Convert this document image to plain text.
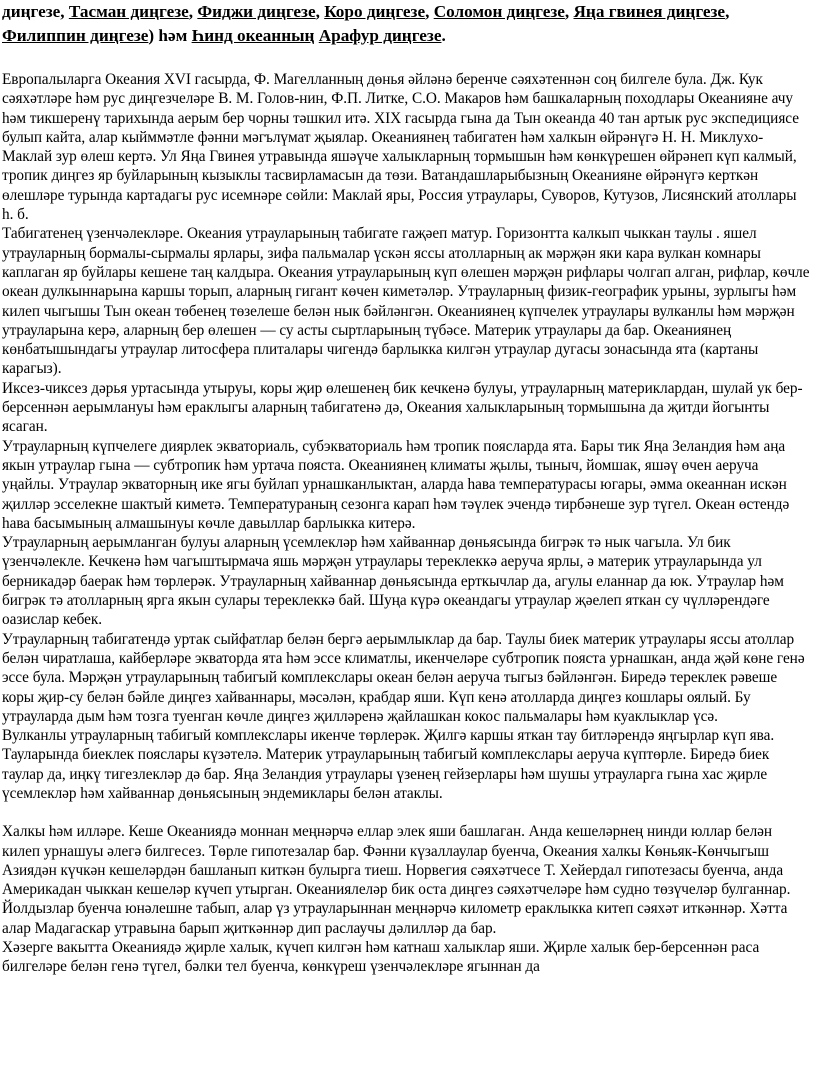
диңгезе, Тасман диңгезе, Фиджи диңгезе, Коро диңгезе, Соломон диңгезе, Яңа гвинея диңгезе, Филиппин диңгезе) һәм Һинд океанның Арафур диңгезе.

Европалыларга Океания XVI гасырда, Ф. Магелланның дөнья әйләнә беренче сәяхәтеннән соң билгеле була. Дж. Кук сәяхәтләре һәм рус диңгезчеләре В. М. Голов-нин, Ф.П. Литке, С.О. Макаров һәм башкаларның походлары Океанияне ачу һәм тикшеренү тарихында аерым бер чорны тәшкил итә. XIX гасырда гына да Тын океанда 40 тан артык рус экспедициясе булып кайта, алар кыйммәтле фәнни мәгълүмат җыялар. Океаниянең табигатен һәм халкын өйрәнүгә Н. Н. Миклухо-Маклай зур өлеш кертә. Ул Яңа Гвинея утравында яшәүче халыкларның тормышын һәм көнкүрешен өйрәнеп күп калмый, тропик диңгез яр буйларының кызыклы тасвирламасын да төзи. Ватандашларыбызның Океанияне өйрәнүгә керткән өлешләре турында картадагы рус исемнәре сөйли: Маклай яры, Россия утраулары, Суворов, Кутузов, Лисянский атоллары h. б.

Табигатенең үзенчәлекләре. Океания утрауларының табигате гаҗәеп матур. Горизонтта калкып чыккан таулы . яшел утрауларның бормалы-сырмалы ярлары, зифа пальмалар үскән яссы атолларның ак мәрҗән яки кара вулкан комнары каплаган яр буйлары кешене таң калдыра. Океания утрауларының күп өлешен мәрҗән рифлары чолгап алган, рифлар, көчле океан дулкыннарына каршы торып, аларның гигант көчен киметәләр. Утрауларның физик-географик урыны, зурлыгы һәм килеп чыгышы Тын океан төбенең төзелеше белән нык бәйләнгән. Океаниянең күпчелек утраулары вулканлы һәм мәрҗән утрауларына керә, аларның бер өлешен — су асты сыртларының түбәсе. Материк утраулары да бар. Океаниянең көнбатышындагы утраулар литосфера плиталары чигендә барлыкка килгән утраулар дугасы зонасында ята (картаны карагыз).

Иксез-чиксез дәрья уртасында утыруы, коры җир өлешенең бик кечкенә булуы, утрауларның материклардан, шулай ук бер-берсеннән аерымлануы һәм ераклыгы аларның табигатенә дә, Океания халыкларының тормышына да җитди йогынты ясаган.

Утрауларның күпчелеге диярлек экваториаль, субэкваториаль һәм тропик поясларда ята. Бары тик Яңа Зеландия һәм аңа якын утраулар гына — субтропик һәм уртача пояста. Океаниянең климаты җылы, тыныч, йомшак, яшәү өчен аеруча уңайлы. Утраулар экваторның ике ягы буйлап урнашканлыктан, аларда һава температурасы югары, әмма океаннан искән җилләр эсселекне шактый киметә. Температураның сезонга карап һәм тәүлек эчендә тирбәнеше зур түгел. Океан өстендә һава басымының алмашынуы көчле давыллар барлыкка китерә.

Утрауларның аерымланган булуы аларның үсемлекләр һәм хайваннар дөньясында бигрәк тә нык чагыла. Ул бик үзенчәлекле. Кечкенә һәм чагыштырмача яшь мәрҗән утраулары тереклеккә аеруча ярлы, ә материк утрауларында ул берникадәр баерак һәм төрлерәк. Утрауларның хайваннар дөньясында ерткычлар да, агулы еланнар да юк. Утраулар һәм бигрәк тә атолларның ярга якын сулары тереклеккә бай. Шуңа күрә океандагы утраулар җәелеп яткан су чүлләрендәге оазислар кебек.

Утрауларның табигатендә уртак сыйфатлар белән бергә аерымлыклар да бар. Таулы биек материк утраулары яссы атоллар белән чиратлаша, кайберләре экваторда ята һәм эссе климатлы, икенчеләре субтропик пояста урнашкан, анда җәй көне генә эссе була. Мәрҗән утрауларының табигый комплекслары океан белән аеруча тыгыз бәйләнгән. Биредә тереклек рәвеше коры җир-су белән бәйле диңгез хайваннары, мәсәлән, крабдар яши. Күп кенә атолларда диңгез кошлары оялый. Бу утрауларда дым һәм тозга туенган көчле диңгез җилләренә җайлашкан кокос пальмалары һәм куаклыклар үсә.

Вулканлы утрауларның табигый комплекслары икенче төрлерәк. Җилгә каршы яткан тау битләрендә яңгырлар күп ява. Тауларында биеклек пояслары күзәтелә. Материк утрауларының табигый комплекслары аеруча күптөрле. Биредә биек таулар да, иңкү тигезлекләр дә бар. Яңа Зеландия утраулары үзенең гейзерлары һәм шушы утрауларга гына хас җирле үсемлекләр һәм хайваннар дөньясының эндемиклары белән атаклы.

Халкы һәм илләре. Кеше Океаниядә моннан меңнәрчә еллар элек яши башлаган. Анда кешеләрнең нинди юллар белән килеп урнашуы әлегә билгесез. Төрле гипотезалар бар. Фәнни күзаллаулар буенча, Океания халкы Көньяк-Көнчыгыш Азиядән күчкән кешеләрдән башланып киткән булырга тиеш. Норвегия сәяхәтчесе Т. Хейердал гипотезасы буенча, анда Америкадан чыккан кешеләр күчеп утырган. Океаниялеләр бик оста диңгез сәяхәтчеләре һәм судно төзүчеләр булганнар. Йолдызлар буенча юнәлешне табып, алар үз утрауларыннан меңнәрчә километр ераклыкка китеп сәяхәт иткәннәр. Хәтта алар Мадагаскар утравына барып җиткәннәр дип раслаучы дәлилләр да бар.

Хәзерге вакытта Океаниядә җирле халык, күчеп килгән һәм катнаш халыклар яши. Җирле халык бер-берсеннән раса билгеләре белән генә түгел, бәлки тел буенча, көнкүреш үзенчәлекләре ягыннан да
